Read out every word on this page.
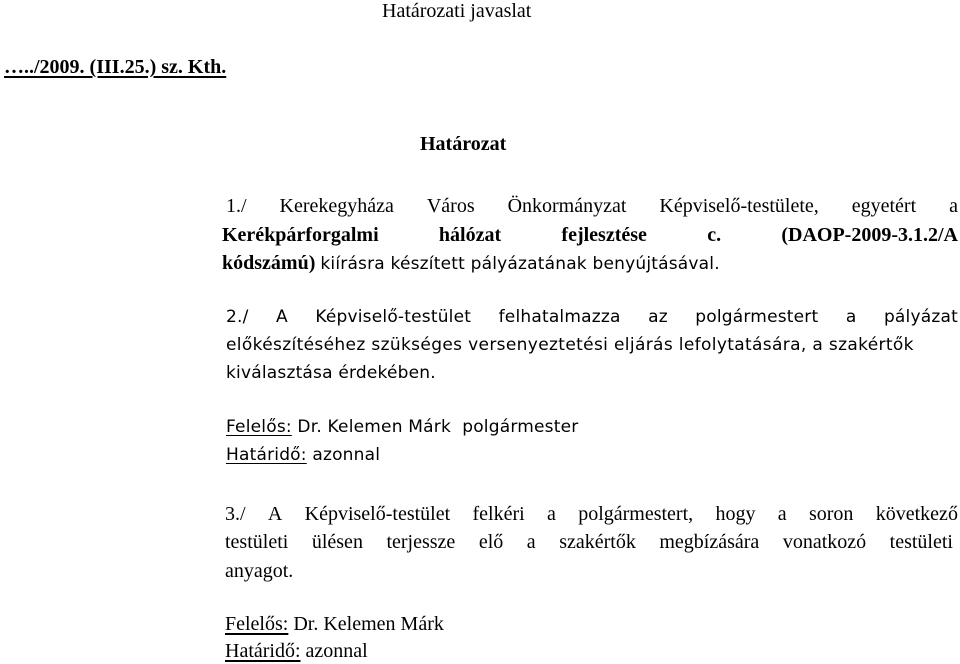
Határozati javaslat
…../2009. (III.25.) sz. Kth.
Határozat
1./ Kerekegyháza Város Önkormányzat Képviselő-testülete, egyetért a
Kerékpárforgalmi	hálózat	fejlesztése	c.	(DAOP-2009-3.1.2/A
kódszámú) kiírásra készített pályázatának benyújtásával.
2./ A Képviselő-testület felhatalmazza az polgármestert a pályázat
előkészítéséhez szükséges versenyeztetési eljárás lefolytatására, a szakértők
kiválasztása érdekében.
Felelős: Dr. Kelemen Márk  polgármester
Határidő: azonnal
3./ A Képviselő-testület felkéri a polgármestert, hogy a soron következő
testületi ülésen terjessze elő a szakértők megbízására vonatkozó testületi
anyagot.
Felelős: Dr. Kelemen Márk
Határidő: azonnal
